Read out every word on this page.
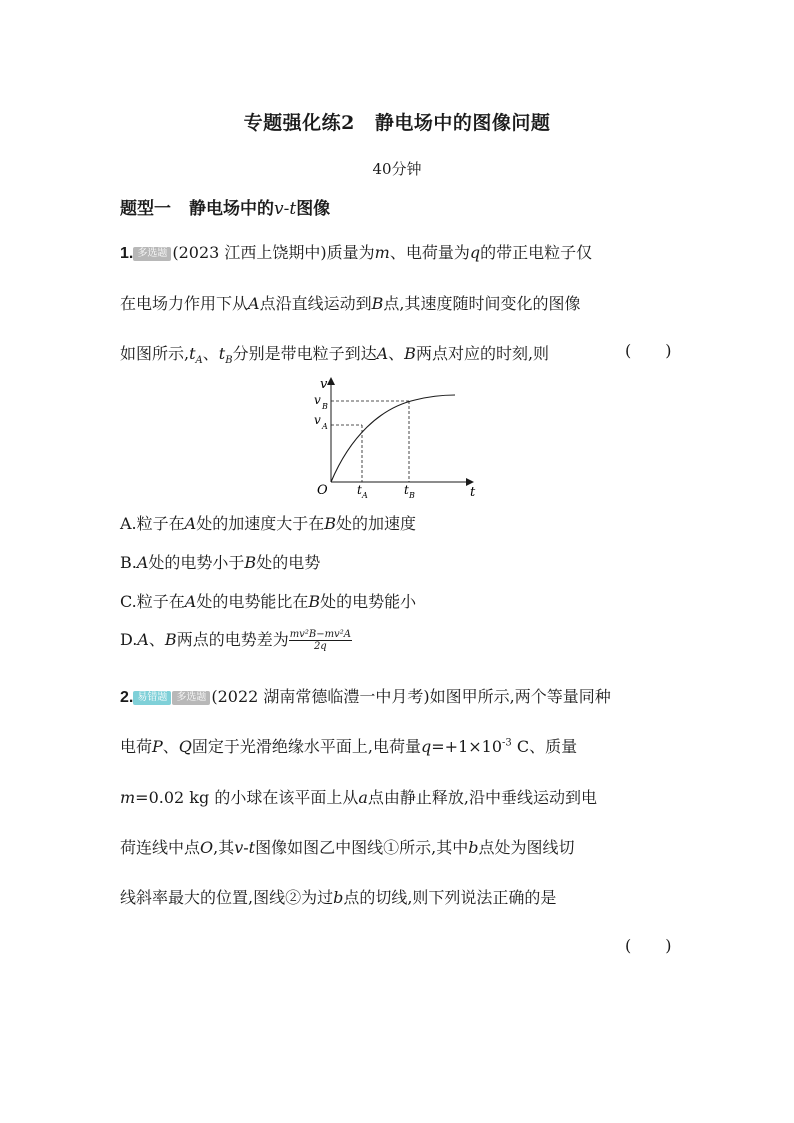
专题强化练2 静电场中的图像问题
40分钟
题型一 静电场中的v-t图像
1. 多选题 (2023 江西上饶期中)质量为m、电荷量为q的带正电粒子仅
在电场力作用下从A点沿直线运动到B点,其速度随时间变化的图像
如图所示$,t_A$、$t_B$分别是带电粒子到达A、B两点对应的时刻,则	( )
v
t
O
v B
v A
t A	t B
A.粒子在A处的加速度大于在B处的加速度
B.A处的电势小于B处的电势
C.粒子在A处的电势能比在B处的电势能小
D.A、B两点的电势差为 $\frac{\text{mv²B−mv²A}}{2q}$
2. 易错题 多选题 (2022 湖南常德临澧一中月考)如图甲所示,两个等量同种
电荷P、Q固定于光滑绝缘水平面上,电荷量$q=+1\times 10^{-3}$ C、质量
m=0.02 kg 的小球在该平面上从a点由静止释放,沿中垂线运动到电
荷连线中点O,其v-t图像如图乙中图线①所示,其中b点处为图线切
线斜率最大的位置,图线②为过b点的切线,则下列说法正确的是
( )
